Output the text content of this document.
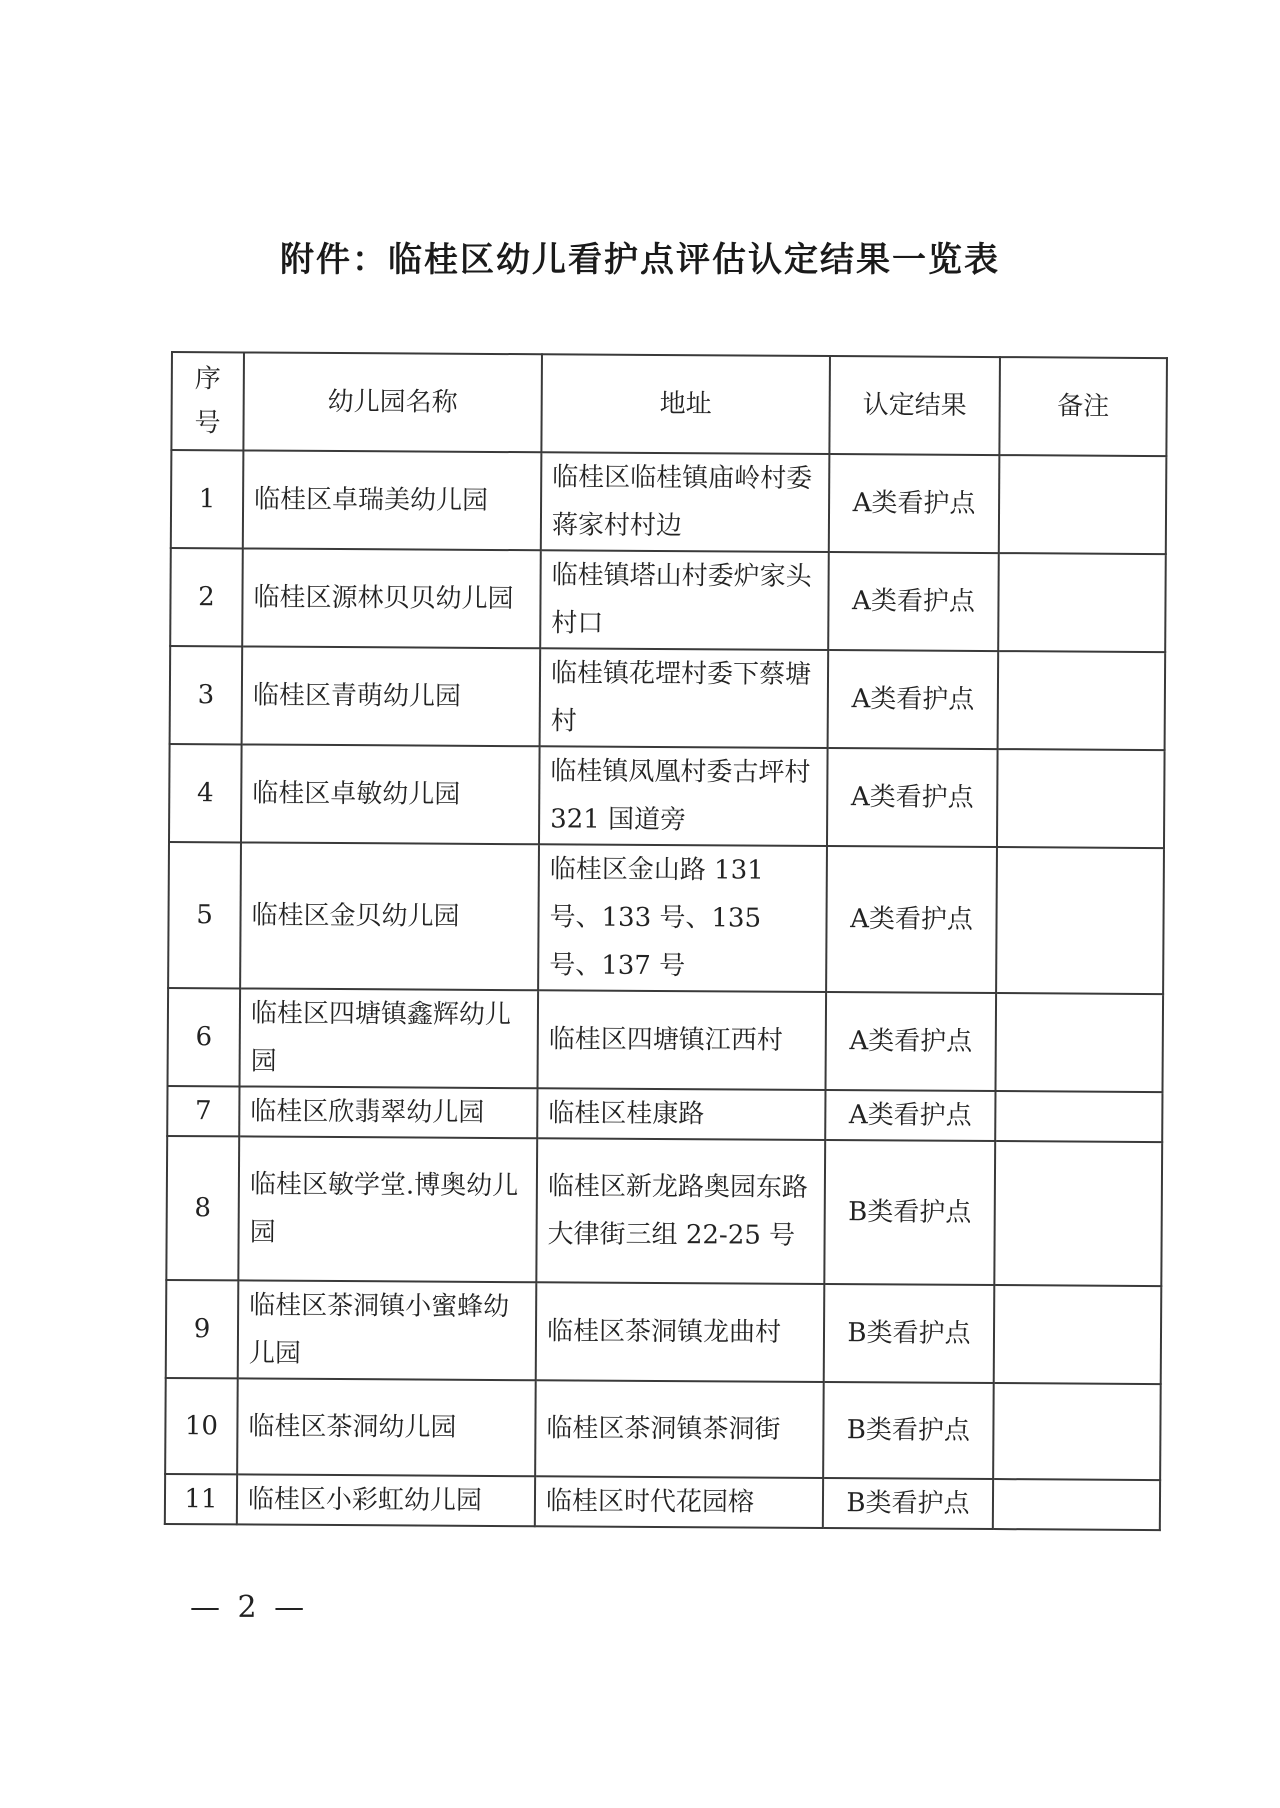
附件：临桂区幼儿看护点评估认定结果一览表
序号	幼儿园名称	地址	认定结果	备注
1	临桂区卓瑞美幼儿园	临桂区临桂镇庙岭村委蒋家村村边	A类看护点	
2	临桂区源林贝贝幼儿园	临桂镇塔山村委炉家头村口	A类看护点	
3	临桂区青萌幼儿园	临桂镇花堽村委下蔡塘村	A类看护点	
4	临桂区卓敏幼儿园	临桂镇凤凰村委古坪村 321 国道旁	A类看护点	
5	临桂区金贝幼儿园	临桂区金山路 131 号、133 号、135 号、137 号	A类看护点	
6	临桂区四塘镇鑫辉幼儿园	临桂区四塘镇江西村	A类看护点	
7	临桂区欣翡翠幼儿园	临桂区桂康路	A类看护点	
8	临桂区敏学堂.博奥幼儿园	临桂区新龙路奥园东路大律街三组 22-25 号	B类看护点	
9	临桂区茶洞镇小蜜蜂幼儿园	临桂区茶洞镇龙曲村	B类看护点	
10	临桂区茶洞幼儿园	临桂区茶洞镇茶洞街	B类看护点	
11	临桂区小彩虹幼儿园	临桂区时代花园榕	B类看护点	
— 2 —
